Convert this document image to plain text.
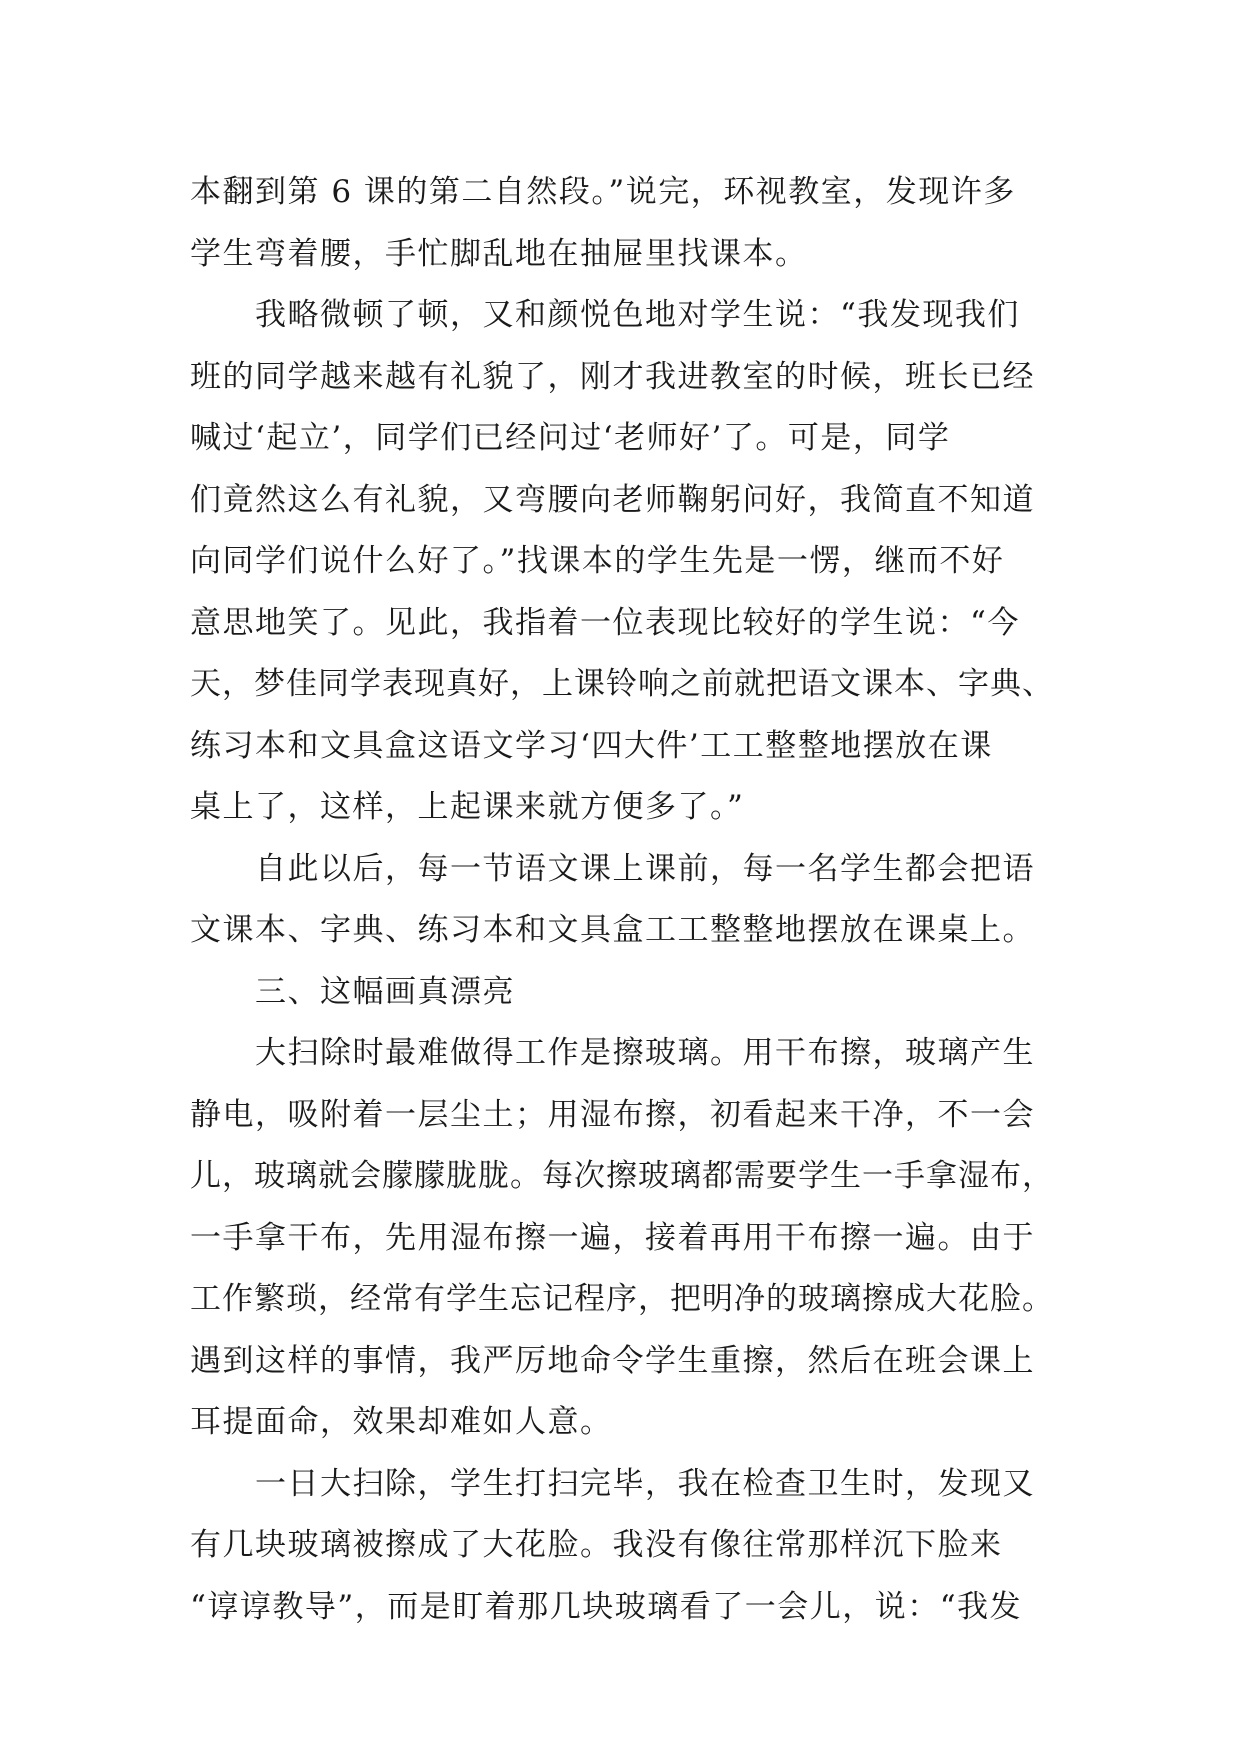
本翻到第 6 课的第二自然段。”说完，环视教室，发现许多
学生弯着腰，手忙脚乱地在抽屉里找课本。
我略微顿了顿，又和颜悦色地对学生说：“我发现我们
班的同学越来越有礼貌了，刚才我进教室的时候，班长已经
喊过‘起立’，同学们已经问过‘老师好’了。可是，同学
们竟然这么有礼貌，又弯腰向老师鞠躬问好，我简直不知道
向同学们说什么好了。”找课本的学生先是一愣，继而不好
意思地笑了。见此，我指着一位表现比较好的学生说：“今
天，梦佳同学表现真好，上课铃响之前就把语文课本、字典、
练习本和文具盒这语文学习‘四大件’工工整整地摆放在课
桌上了，这样，上起课来就方便多了。”
自此以后，每一节语文课上课前，每一名学生都会把语
文课本、字典、练习本和文具盒工工整整地摆放在课桌上。
三、这幅画真漂亮
大扫除时最难做得工作是擦玻璃。用干布擦，玻璃产生
静电，吸附着一层尘土；用湿布擦，初看起来干净，不一会
儿，玻璃就会朦朦胧胧。每次擦玻璃都需要学生一手拿湿布，
一手拿干布，先用湿布擦一遍，接着再用干布擦一遍。由于
工作繁琐，经常有学生忘记程序，把明净的玻璃擦成大花脸。
遇到这样的事情，我严厉地命令学生重擦，然后在班会课上
耳提面命，效果却难如人意。
一日大扫除，学生打扫完毕，我在检查卫生时，发现又
有几块玻璃被擦成了大花脸。我没有像往常那样沉下脸来
“谆谆教导”，而是盯着那几块玻璃看了一会儿，说：“我发
